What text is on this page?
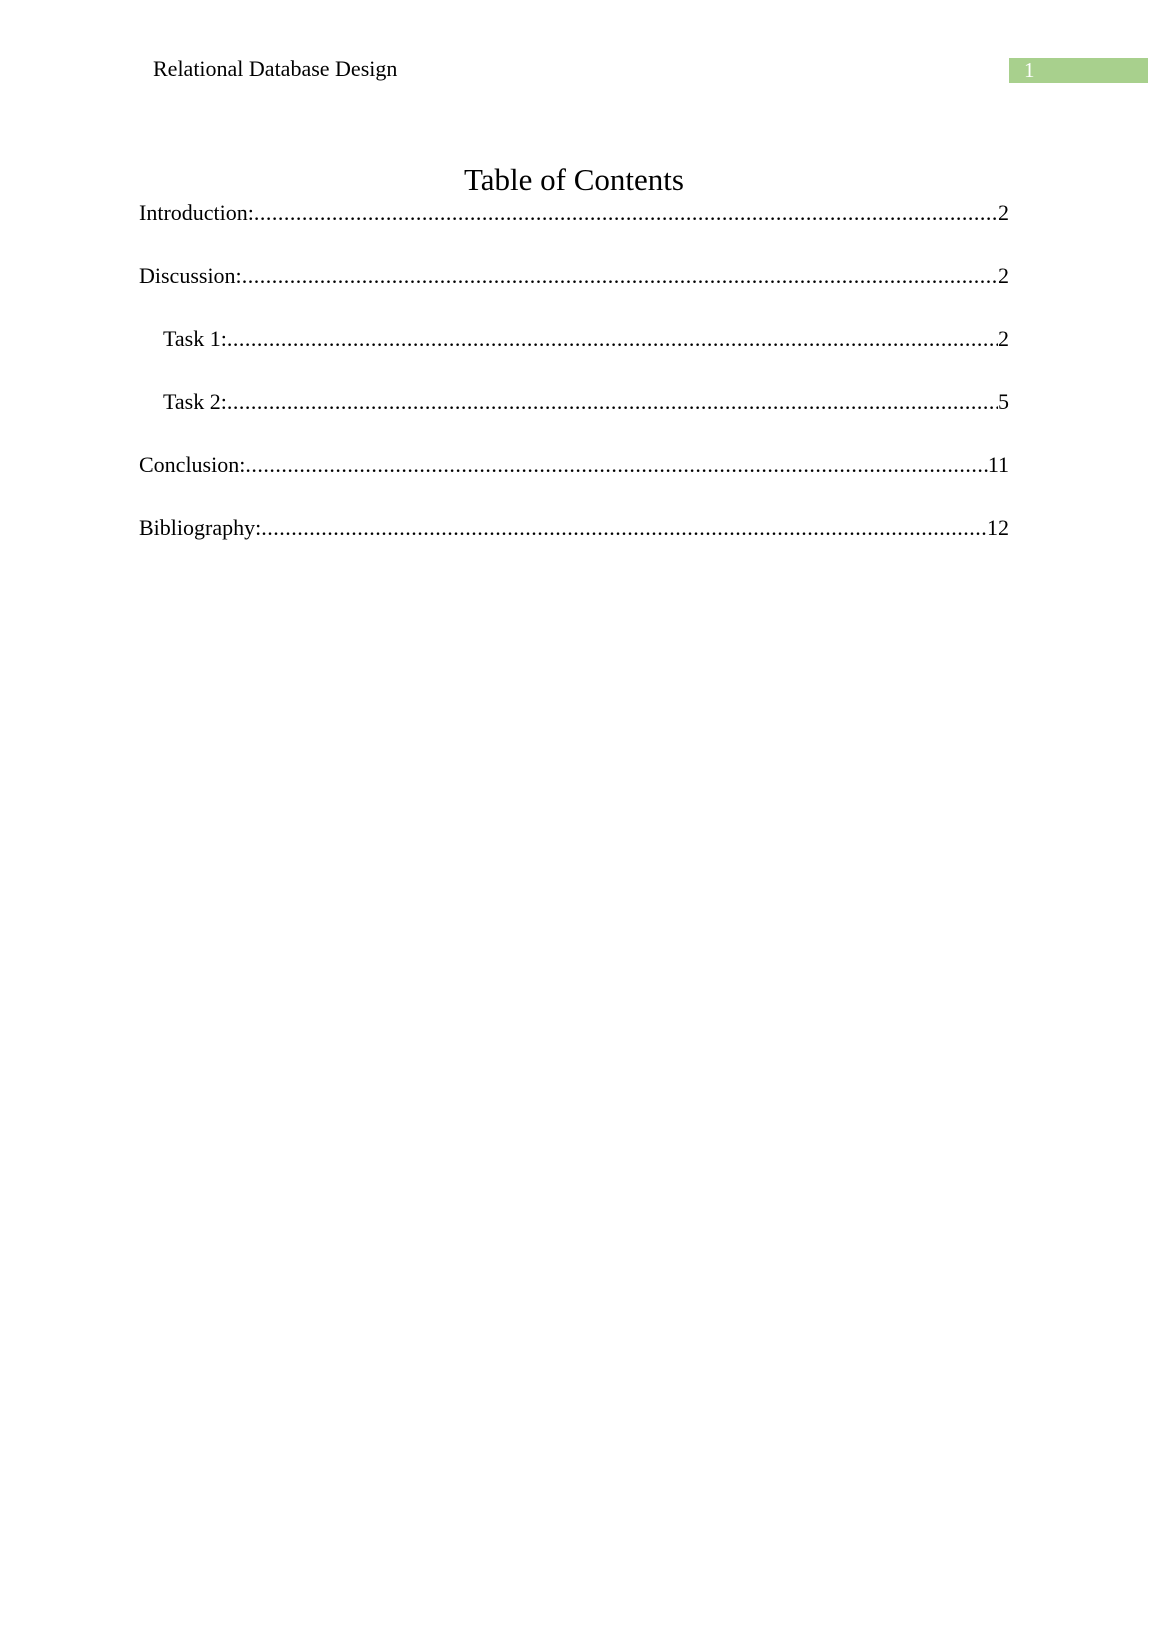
Relational Database Design	1
Table of Contents
Introduction: .....	2
Discussion: .....	2
Task 1: .....	2
Task 2: .....	5
Conclusion: .....	11
Bibliography: .....	12
